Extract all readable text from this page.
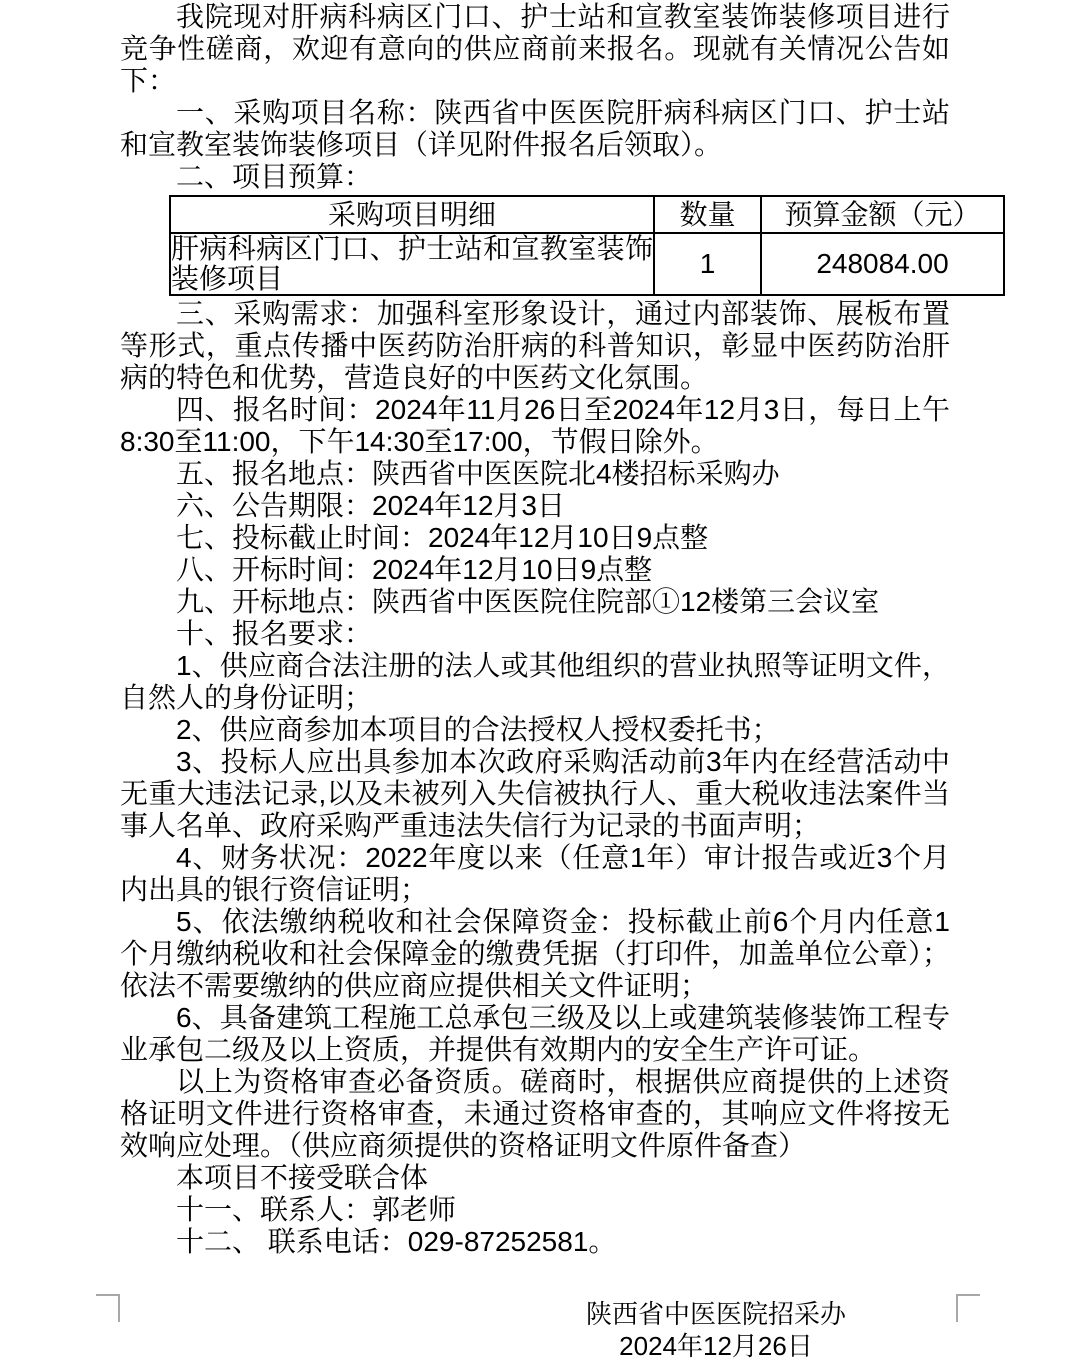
我院现对肝病科病区门口、护士站和宣教室装饰装修项目进行竞争性磋商，欢迎有意向的供应商前来报名。现就有关情况公告如下：

一、采购项目名称：陕西省中医医院肝病科病区门口、护士站和宣教室装饰装修项目（详见附件报名后领取）。

二、项目预算：

采购项目明细	数量	预算金额（元）
肝病科病区门口、护士站和宣教室装饰装修项目	1	248084.00

三、采购需求：加强科室形象设计，通过内部装饰、展板布置等形式，重点传播中医药防治肝病的科普知识，彰显中医药防治肝病的特色和优势，营造良好的中医药文化氛围。

四、报名时间：2024年11月26日至2024年12月3日，每日上午8:30至11:00，下午14:30至17:00，节假日除外。

五、报名地点：陕西省中医医院北4楼招标采购办

六、公告期限：2024年12月3日

七、投标截止时间：2024年12月10日9点整

八、开标时间：2024年12月10日9点整

九、开标地点：陕西省中医医院住院部①12楼第三会议室

十、报名要求：

1、供应商合法注册的法人或其他组织的营业执照等证明文件，自然人的身份证明；

2、供应商参加本项目的合法授权人授权委托书；

3、投标人应出具参加本次政府采购活动前3年内在经营活动中无重大违法记录,以及未被列入失信被执行人、重大税收违法案件当事人名单、政府采购严重违法失信行为记录的书面声明；

4、财务状况：2022年度以来（任意1年）审计报告或近3个月内出具的银行资信证明；

5、依法缴纳税收和社会保障资金：投标截止前6个月内任意1个月缴纳税收和社会保障金的缴费凭据（打印件，加盖单位公章）；依法不需要缴纳的供应商应提供相关文件证明；

6、具备建筑工程施工总承包三级及以上或建筑装修装饰工程专业承包二级及以上资质，并提供有效期内的安全生产许可证。

以上为资格审查必备资质。磋商时，根据供应商提供的上述资格证明文件进行资格审查，未通过资格审查的，其响应文件将按无效响应处理。（供应商须提供的资格证明文件原件备查）

本项目不接受联合体

十一、联系人：郭老师

十二、 联系电话：029-87252581。

陕西省中医医院招采办
2024年12月26日
